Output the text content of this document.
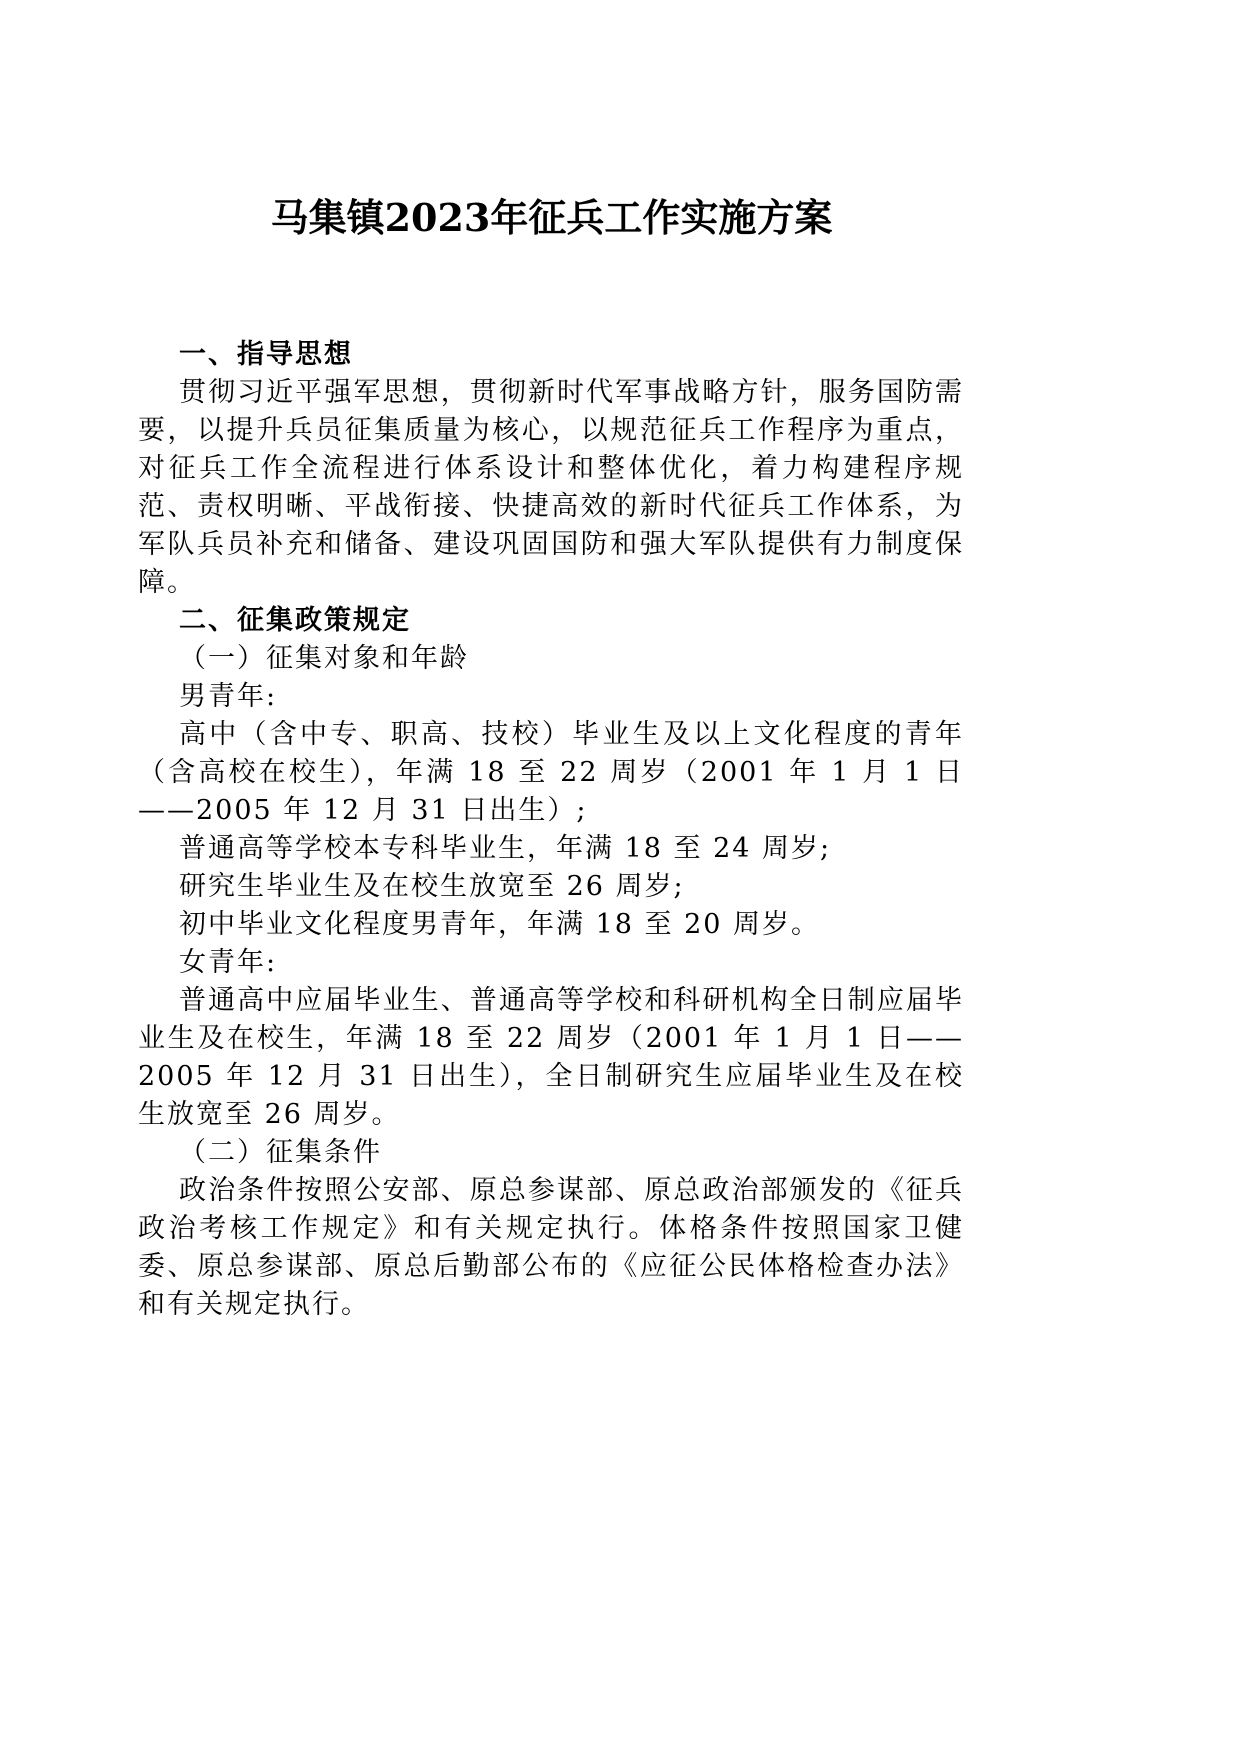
马集镇2023年征兵工作实施方案

一、指导思想

贯彻习近平强军思想，贯彻新时代军事战略方针，服务国防需要，以提升兵员征集质量为核心，以规范征兵工作程序为重点，对征兵工作全流程进行体系设计和整体优化，着力构建程序规范、责权明晰、平战衔接、快捷高效的新时代征兵工作体系，为军队兵员补充和储备、建设巩固国防和强大军队提供有力制度保障。

二、征集政策规定

（一）征集对象和年龄

男青年:

高中（含中专、职高、技校）毕业生及以上文化程度的青年（含高校在校生），年满 18 至 22 周岁（2001 年 1 月 1 日——2005 年 12 月 31 日出生）;

普通高等学校本专科毕业生，年满 18 至 24 周岁;

研究生毕业生及在校生放宽至 26 周岁;

初中毕业文化程度男青年，年满 18 至 20 周岁。

女青年:

普通高中应届毕业生、普通高等学校和科研机构全日制应届毕业生及在校生，年满 18 至 22 周岁（2001 年 1 月 1 日——2005 年 12 月 31 日出生），全日制研究生应届毕业生及在校生放宽至 26 周岁。

（二）征集条件

政治条件按照公安部、原总参谋部、原总政治部颁发的《征兵政治考核工作规定》和有关规定执行。体格条件按照国家卫健委、原总参谋部、原总后勤部公布的《应征公民体格检查办法》和有关规定执行。
